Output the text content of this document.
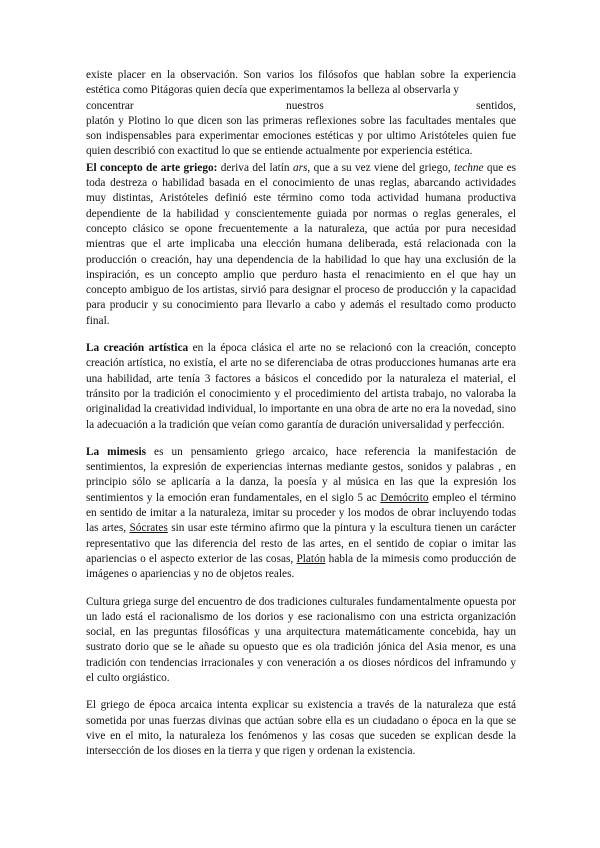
existe placer en la observación. Son varios los filósofos que hablan sobre la experiencia estética como Pitágoras quien decía que experimentamos la belleza al observarla y

concentrar	nuestros	sentidos,

platón y Plotino lo que dicen son las primeras reflexiones sobre las facultades mentales que son indispensables para experimentar emociones estéticas y por ultimo Aristóteles quien fue quien describió con exactitud lo que se entiende actualmente por experiencia estética.

El concepto de arte griego: deriva del latín ars, que a su vez viene del griego, techne que es toda destreza o habilidad basada en el conocimiento de unas reglas, abarcando actividades muy distintas, Aristóteles definió este término como toda actividad humana productiva dependiente de la habilidad y conscientemente guiada por normas o reglas generales, el concepto clásico se opone frecuentemente a la naturaleza, que actúa por pura necesidad mientras que el arte implicaba una elección humana deliberada, está relacionada con la producción o creación, hay una dependencia de la habilidad lo que hay una exclusión de la inspiración, es un concepto amplio que perduro hasta el renacimiento en el que hay un concepto ambiguo de los artistas, sirvió para designar el proceso de producción y la capacidad para producir y su conocimiento para llevarlo a cabo y además el resultado como producto final.

La creación artística en la época clásica el arte no se relacionó con la creación, concepto creación artística, no existía, el arte no se diferenciaba de otras producciones humanas arte era una habilidad, arte tenía 3 factores a básicos el concedido por la naturaleza el material, el tránsito por la tradición el conocimiento y el procedimiento del artista trabajo, no valoraba la originalidad la creatividad individual, lo importante en una obra de arte no era la novedad, sino la adecuación a la tradición que veían como garantía de duración universalidad y perfección.

La mimesis es un pensamiento griego arcaico, hace referencia la manifestación de sentimientos, la expresión de experiencias internas mediante gestos, sonidos y palabras , en principio sólo se aplicaría a la danza, la poesía y al música en las que la expresión los sentimientos y la emoción eran fundamentales, en el siglo 5 ac Demócrito empleo el término en sentido de imitar a la naturaleza, imitar su proceder y los modos de obrar incluyendo todas las artes, Sócrates sin usar este término afirmo que la pintura y la escultura tienen un carácter representativo que las diferencia del resto de las artes, en el sentido de copiar o imitar las apariencias o el aspecto exterior de las cosas, Platón habla de la mimesis como producción de imágenes o apariencias y no de objetos reales.

Cultura griega surge del encuentro de dos tradiciones culturales fundamentalmente opuesta por un lado está el racionalismo de los dorios y ese racionalismo con una estricta organización social, en las preguntas filosóficas y una arquitectura matemáticamente concebida, hay un sustrato dorio que se le añade su opuesto que es ola tradición jónica del Asia menor, es una tradición con tendencias irracionales y con veneración a os dioses nórdicos del inframundo y el culto orgiástico.

El griego de época arcaica intenta explicar su existencia a través de la naturaleza que está sometida por unas fuerzas divinas que actúan sobre ella es un ciudadano o época en la que se vive en el mito, la naturaleza los fenómenos y las cosas que suceden se explican desde la intersección de los dioses en la tierra y que rigen y ordenan la existencia.
